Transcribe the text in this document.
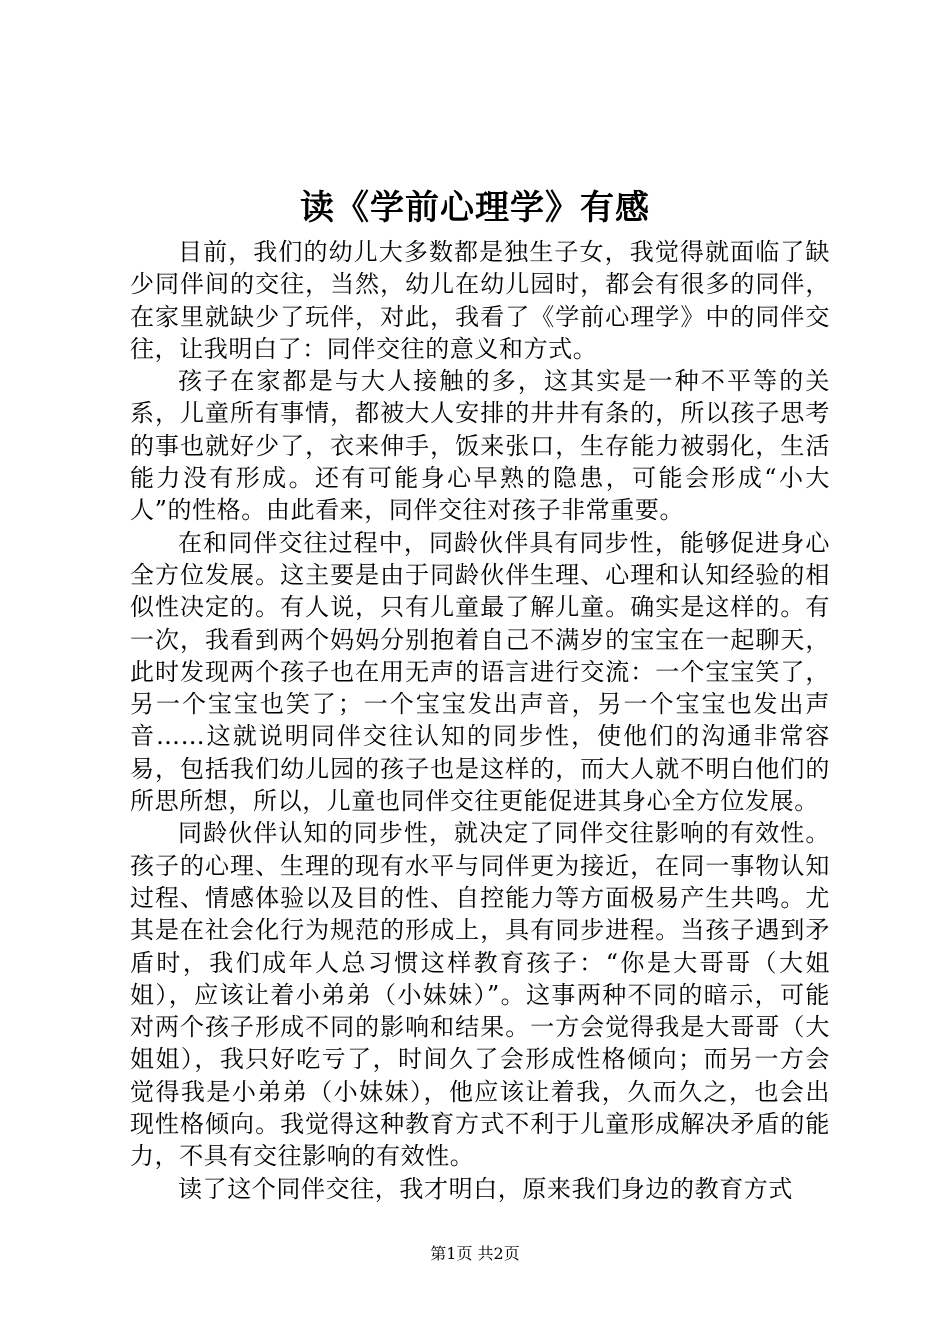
读《学前心理学》有感

目前，我们的幼儿大多数都是独生子女，我觉得就面临了缺少同伴间的交往，当然，幼儿在幼儿园时，都会有很多的同伴，在家里就缺少了玩伴，对此，我看了《学前心理学》中的同伴交往，让我明白了：同伴交往的意义和方式。

孩子在家都是与大人接触的多，这其实是一种不平等的关系，儿童所有事情，都被大人安排的井井有条的，所以孩子思考的事也就好少了，衣来伸手，饭来张口，生存能力被弱化，生活能力没有形成。还有可能身心早熟的隐患，可能会形成“小大人”的性格。由此看来，同伴交往对孩子非常重要。

在和同伴交往过程中，同龄伙伴具有同步性，能够促进身心全方位发展。这主要是由于同龄伙伴生理、心理和认知经验的相似性决定的。有人说，只有儿童最了解儿童。确实是这样的。有一次，我看到两个妈妈分别抱着自己不满岁的宝宝在一起聊天，此时发现两个孩子也在用无声的语言进行交流：一个宝宝笑了，另一个宝宝也笑了；一个宝宝发出声音，另一个宝宝也发出声音……这就说明同伴交往认知的同步性，使他们的沟通非常容易，包括我们幼儿园的孩子也是这样的，而大人就不明白他们的所思所想，所以，儿童也同伴交往更能促进其身心全方位发展。

同龄伙伴认知的同步性，就决定了同伴交往影响的有效性。孩子的心理、生理的现有水平与同伴更为接近，在同一事物认知过程、情感体验以及目的性、自控能力等方面极易产生共鸣。尤其是在社会化行为规范的形成上，具有同步进程。当孩子遇到矛盾时，我们成年人总习惯这样教育孩子：“你是大哥哥（大姐姐），应该让着小弟弟（小妹妹）”。这事两种不同的暗示，可能对两个孩子形成不同的影响和结果。一方会觉得我是大哥哥（大姐姐），我只好吃亏了，时间久了会形成性格倾向；而另一方会觉得我是小弟弟（小妹妹），他应该让着我，久而久之，也会出现性格倾向。我觉得这种教育方式不利于儿童形成解决矛盾的能力，不具有交往影响的有效性。

读了这个同伴交往，我才明白，原来我们身边的教育方式

第1页 共2页
